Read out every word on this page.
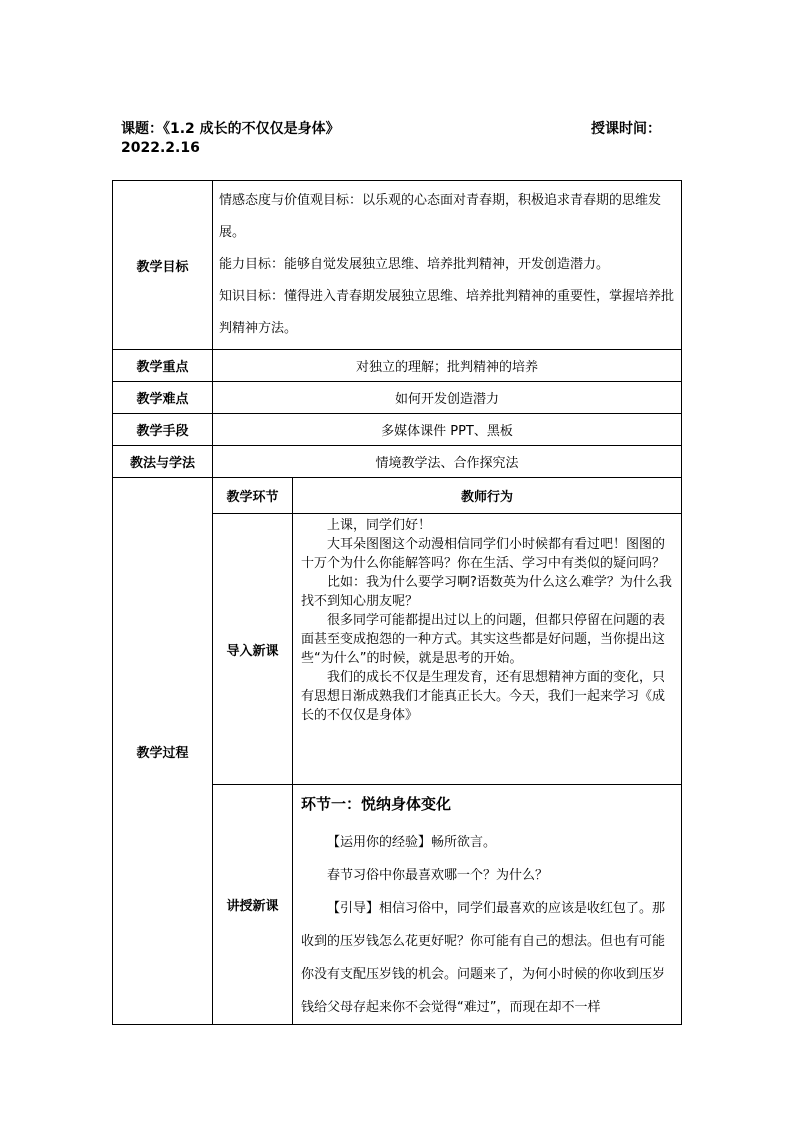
课题：《1.2 成长的不仅仅是身体》	授课时间：
2022.2.16
教学目标	情感态度与价值观目标：以乐观的心态面对青春期，积极追求青春期的思维发展。

能力目标：能够自觉发展独立思维、培养批判精神，开发创造潜力。

知识目标：懂得进入青春期发展独立思维、培养批判精神的重要性，掌握培养批判精神方法。	

教学重点	对独立的理解；批判精神的培养	
教学难点	如何开发创造潜力	
教学手段	多媒体课件 PPT、黑板	
教法与学法	情境教学法、合作探究法	
教学过程	教学环节	教师行为
	导入新课	上课，同学们好！

大耳朵图图这个动漫相信同学们小时候都有看过吧！图图的十万个为什么你能解答吗？你在生活、学习中有类似的疑问吗？

比如：我为什么要学习啊?语数英为什么这么难学？为什么我找不到知心朋友呢？

很多同学可能都提出过以上的问题，但都只停留在问题的表面甚至变成抱怨的一种方式。其实这些都是好问题，当你提出这些“为什么”的时候，就是思考的开始。

我们的成长不仅是生理发育，还有思想精神方面的变化，只有思想日渐成熟我们才能真正长大。今天，我们一起来学习《成长的不仅仅是身体》

	讲授新课	环节一：悦纳身体变化

【运用你的经验】畅所欲言。

春节习俗中你最喜欢哪一个？为什么？

【引导】相信习俗中，同学们最喜欢的应该是收红包了。那收到的压岁钱怎么花更好呢？你可能有自己的想法。但也有可能你没有支配压岁钱的机会。问题来了，为何小时候的你收到压岁钱给父母存起来你不会觉得“难过”，而现在却不一样
